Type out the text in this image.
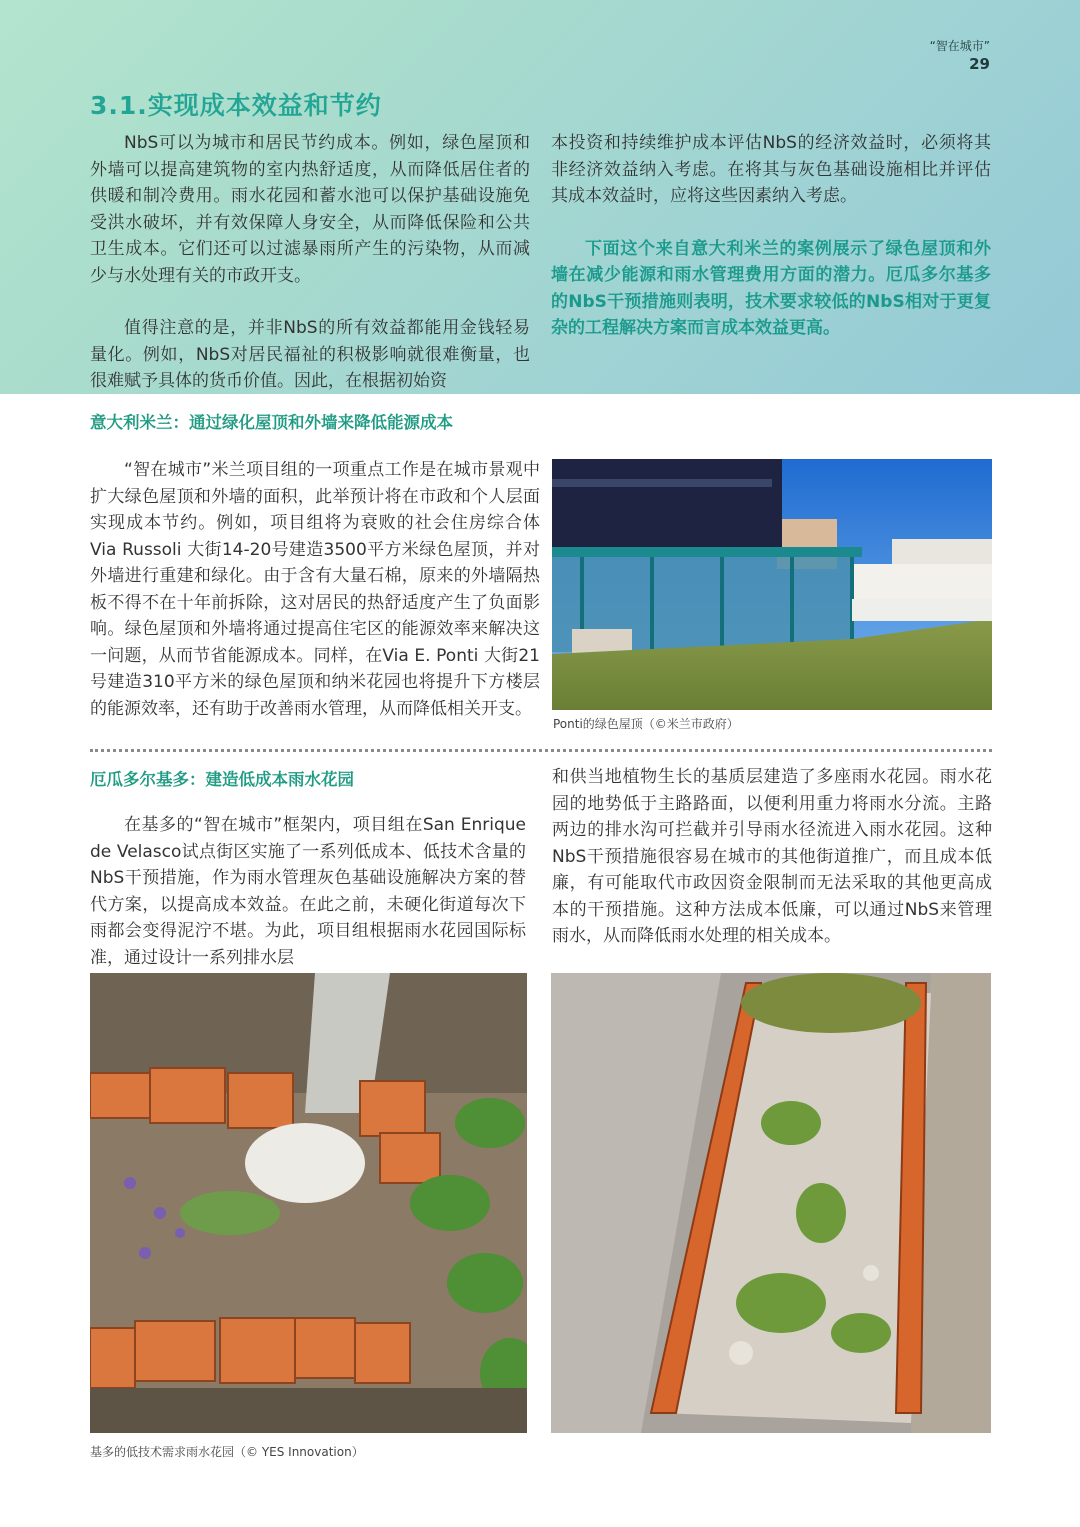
“智在城市”
29
3.1.实现成本效益和节约

NbS可以为城市和居民节约成本。例如，绿色屋顶和外墙可以提高建筑物的室内热舒适度，从而降低居住者的供暖和制冷费用。雨水花园和蓄水池可以保护基础设施免受洪水破坏，并有效保障人身安全，从而降低保险和公共卫生成本。它们还可以过滤暴雨所产生的污染物，从而减少与水处理有关的市政开支。

值得注意的是，并非NbS的所有效益都能用金钱轻易量化。例如，NbS对居民福祉的积极影响就很难衡量，也很难赋予具体的货币价值。因此，在根据初始资

本投资和持续维护成本评估NbS的经济效益时，必须将其非经济效益纳入考虑。在将其与灰色基础设施相比并评估其成本效益时，应将这些因素纳入考虑。

下面这个来自意大利米兰的案例展示了绿色屋顶和外墙在减少能源和雨水管理费用方面的潜力。厄瓜多尔基多的NbS干预措施则表明，技术要求较低的NbS相对于更复杂的工程解决方案而言成本效益更高。

意大利米兰：通过绿化屋顶和外墙来降低能源成本

“智在城市”米兰项目组的一项重点工作是在城市景观中扩大绿色屋顶和外墙的面积，此举预计将在市政和个人层面实现成本节约。例如，项目组将为衰败的社会住房综合体Via Russoli 大街14-20号建造3500平方米绿色屋顶，并对外墙进行重建和绿化。由于含有大量石棉，原来的外墙隔热板不得不在十年前拆除，这对居民的热舒适度产生了负面影响。绿色屋顶和外墙将通过提高住宅区的能源效率来解决这一问题，从而节省能源成本。同样，在Via E. Ponti 大街21号建造310平方米的绿色屋顶和纳米花园也将提升下方楼层的能源效率，还有助于改善雨水管理，从而降低相关开支。

Ponti的绿色屋顶（©米兰市政府）

厄瓜多尔基多：建造低成本雨水花园

在基多的“智在城市”框架内，项目组在San Enrique de Velasco试点街区实施了一系列低成本、低技术含量的NbS干预措施，作为雨水管理灰色基础设施解决方案的替代方案，以提高成本效益。在此之前，未硬化街道每次下雨都会变得泥泞不堪。为此，项目组根据雨水花园国际标准，通过设计一系列排水层

和供当地植物生长的基质层建造了多座雨水花园。雨水花园的地势低于主路路面，以便利用重力将雨水分流。主路两边的排水沟可拦截并引导雨水径流进入雨水花园。这种NbS干预措施很容易在城市的其他街道推广，而且成本低廉，有可能取代市政因资金限制而无法采取的其他更高成本的干预措施。这种方法成本低廉，可以通过NbS来管理雨水，从而降低雨水处理的相关成本。

基多的低技术需求雨水花园（© YES Innovation）
